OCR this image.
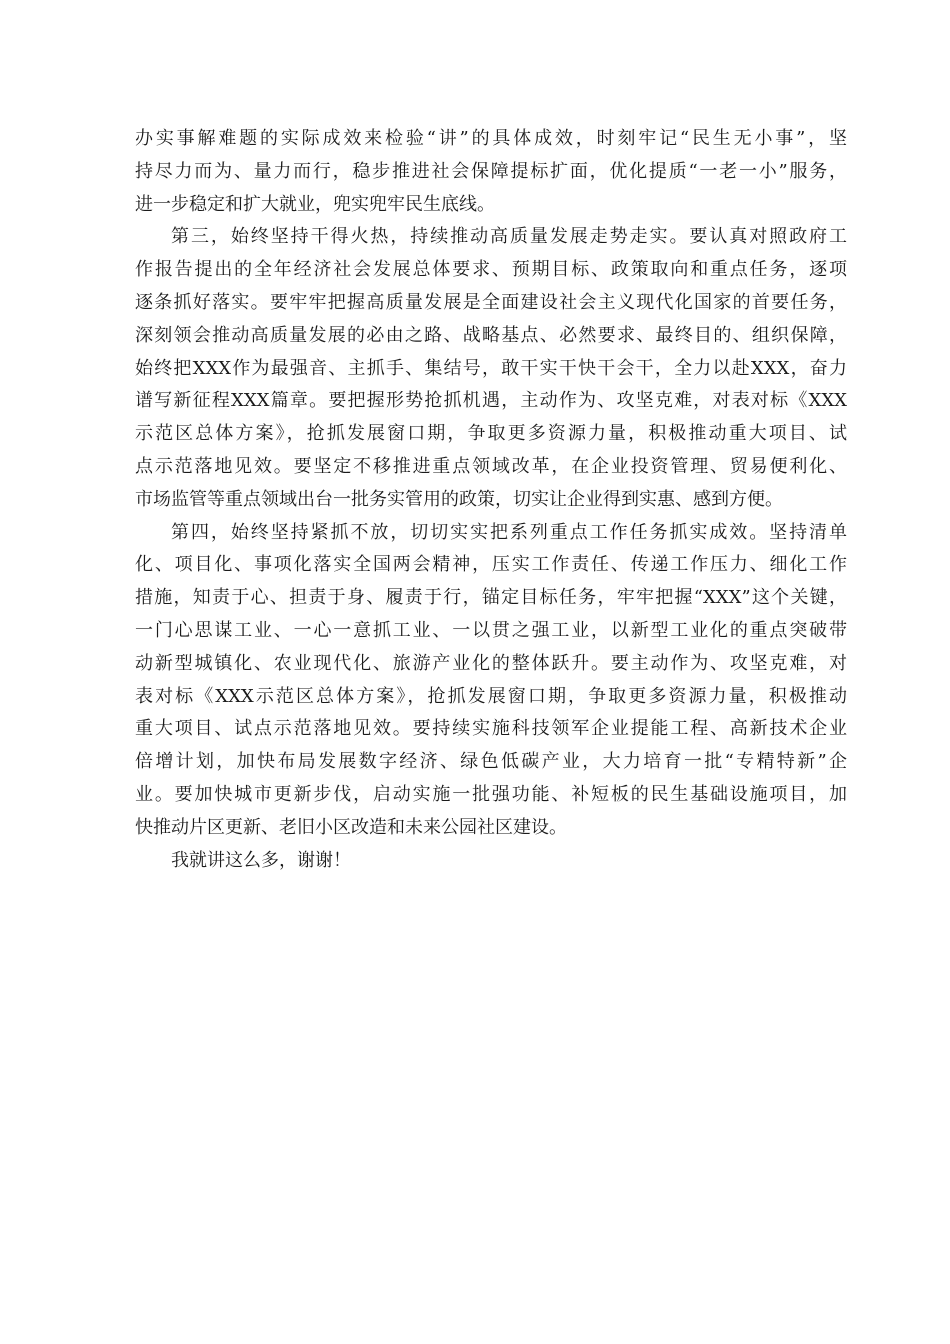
办实事解难题的实际成效来检验“讲”的具体成效，时刻牢记“民生无小事”，坚
持尽力而为、量力而行，稳步推进社会保障提标扩面，优化提质“一老一小”服务，
进一步稳定和扩大就业，兜实兜牢民生底线。
第三，始终坚持干得火热，持续推动高质量发展走势走实。要认真对照政府工
作报告提出的全年经济社会发展总体要求、预期目标、政策取向和重点任务，逐项
逐条抓好落实。要牢牢把握高质量发展是全面建设社会主义现代化国家的首要任务，
深刻领会推动高质量发展的必由之路、战略基点、必然要求、最终目的、组织保障，
始终把XXX作为最强音、主抓手、集结号，敢干实干快干会干，全力以赴XXX，奋力
谱写新征程XXX篇章。要把握形势抢抓机遇，主动作为、攻坚克难，对表对标《XXX
示范区总体方案》，抢抓发展窗口期，争取更多资源力量，积极推动重大项目、试
点示范落地见效。要坚定不移推进重点领域改革，在企业投资管理、贸易便利化、
市场监管等重点领域出台一批务实管用的政策，切实让企业得到实惠、感到方便。
第四，始终坚持紧抓不放，切切实实把系列重点工作任务抓实成效。坚持清单
化、项目化、事项化落实全国两会精神，压实工作责任、传递工作压力、细化工作
措施，知责于心、担责于身、履责于行，锚定目标任务，牢牢把握“XXX”这个关键，
一门心思谋工业、一心一意抓工业、一以贯之强工业，以新型工业化的重点突破带
动新型城镇化、农业现代化、旅游产业化的整体跃升。要主动作为、攻坚克难，对
表对标《XXX示范区总体方案》，抢抓发展窗口期，争取更多资源力量，积极推动
重大项目、试点示范落地见效。要持续实施科技领军企业提能工程、高新技术企业
倍增计划，加快布局发展数字经济、绿色低碳产业，大力培育一批“专精特新”企
业。要加快城市更新步伐，启动实施一批强功能、补短板的民生基础设施项目，加
快推动片区更新、老旧小区改造和未来公园社区建设。
我就讲这么多，谢谢！
